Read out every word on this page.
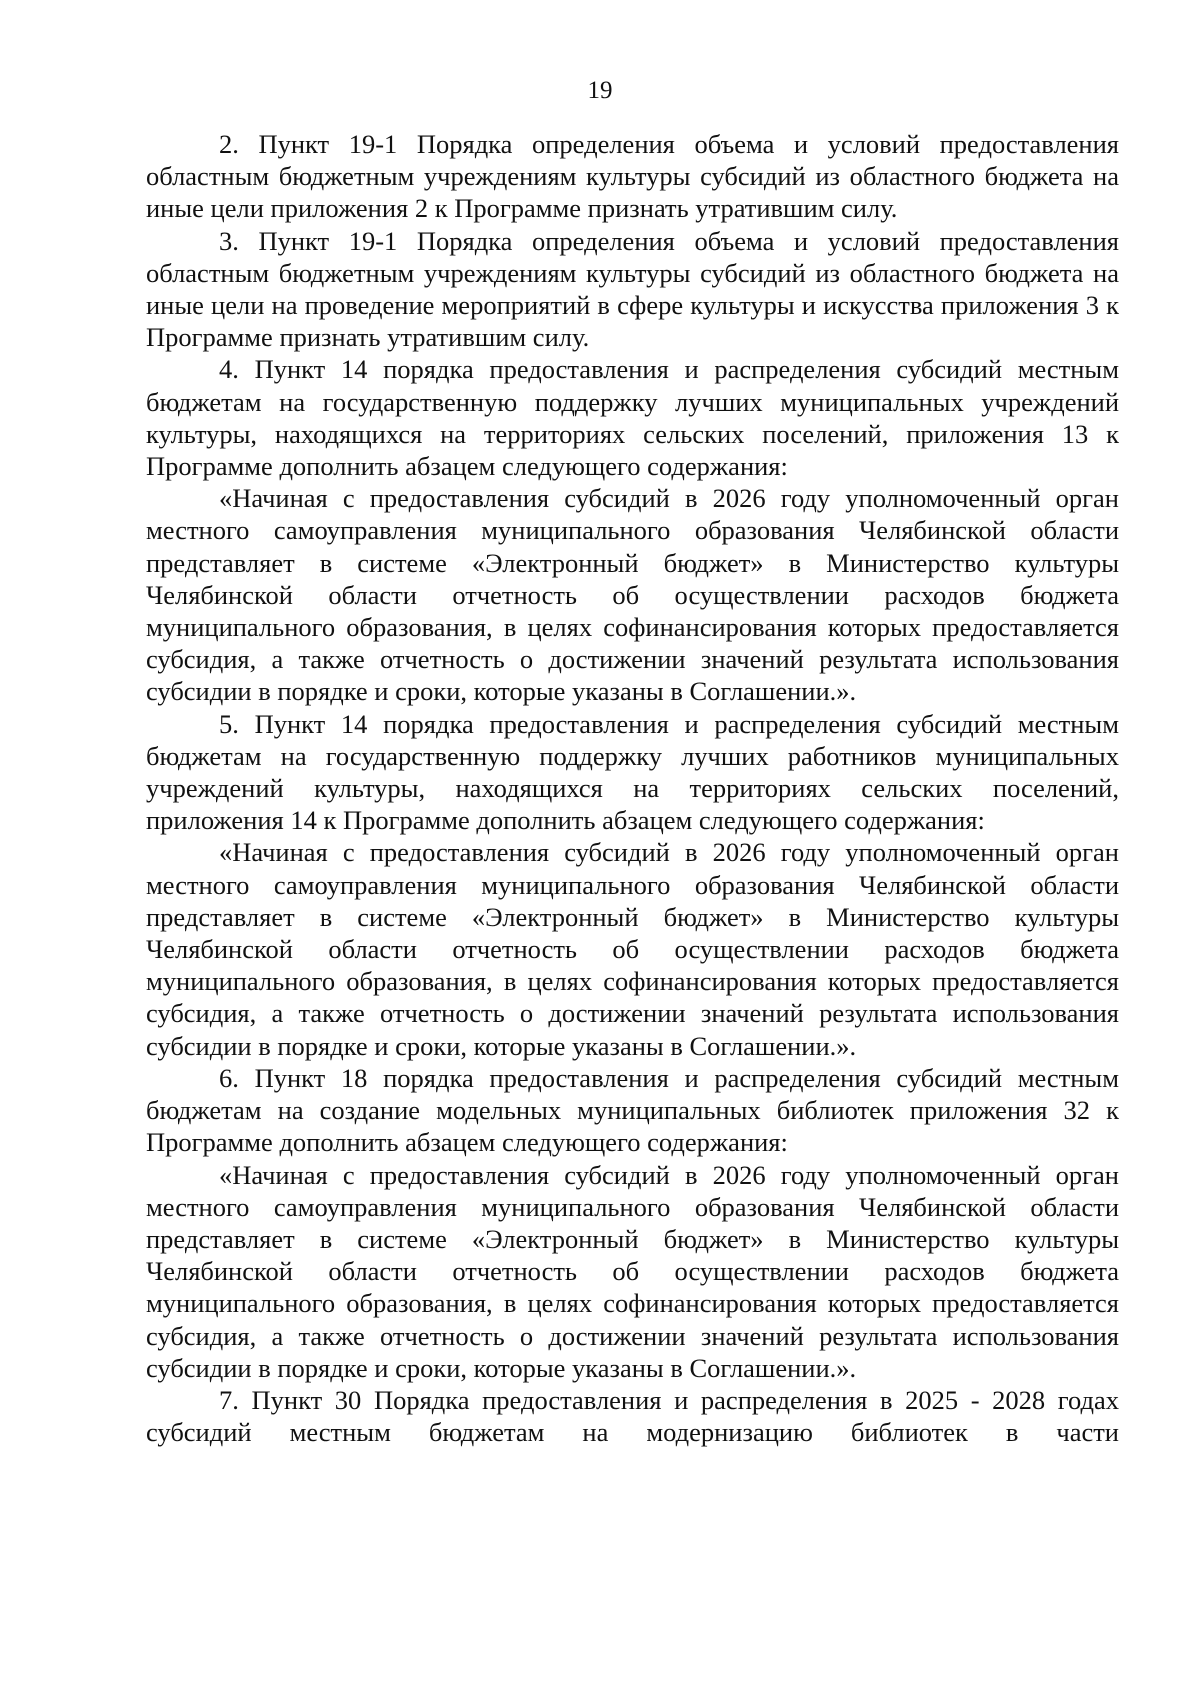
19

2. Пункт 19-1 Порядка определения объема и условий предоставления областным бюджетным учреждениям культуры субсидий из областного бюджета на иные цели приложения 2 к Программе признать утратившим силу.

3. Пункт 19-1 Порядка определения объема и условий предоставления областным бюджетным учреждениям культуры субсидий из областного бюджета на иные цели на проведение мероприятий в сфере культуры и искусства приложения 3 к Программе признать утратившим силу.

4. Пункт 14 порядка предоставления и распределения субсидий местным бюджетам на государственную поддержку лучших муниципальных учреждений культуры, находящихся на территориях сельских поселений, приложения 13 к Программе дополнить абзацем следующего содержания:

«Начиная с предоставления субсидий в 2026 году уполномоченный орган местного самоуправления муниципального образования Челябинской области представляет в системе «Электронный бюджет» в Министерство культуры Челябинской области отчетность об осуществлении расходов бюджета муниципального образования, в целях софинансирования которых предоставляется субсидия, а также отчетность о достижении значений результата использования субсидии в порядке и сроки, которые указаны в Соглашении.».

5. Пункт 14 порядка предоставления и распределения субсидий местным бюджетам на государственную поддержку лучших работников муниципальных учреждений культуры, находящихся на территориях сельских поселений, приложения 14 к Программе дополнить абзацем следующего содержания:

«Начиная с предоставления субсидий в 2026 году уполномоченный орган местного самоуправления муниципального образования Челябинской области представляет в системе «Электронный бюджет» в Министерство культуры Челябинской области отчетность об осуществлении расходов бюджета муниципального образования, в целях софинансирования которых предоставляется субсидия, а также отчетность о достижении значений результата использования субсидии в порядке и сроки, которые указаны в Соглашении.».

6. Пункт 18 порядка предоставления и распределения субсидий местным бюджетам на создание модельных муниципальных библиотек приложения 32 к Программе дополнить абзацем следующего содержания:

«Начиная с предоставления субсидий в 2026 году уполномоченный орган местного самоуправления муниципального образования Челябинской области представляет в системе «Электронный бюджет» в Министерство культуры Челябинской области отчетность об осуществлении расходов бюджета муниципального образования, в целях софинансирования которых предоставляется субсидия, а также отчетность о достижении значений результата использования субсидии в порядке и сроки, которые указаны в Соглашении.».

7. Пункт 30 Порядка предоставления и распределения в 2025 - 2028 годах субсидий местным бюджетам на модернизацию библиотек в части
